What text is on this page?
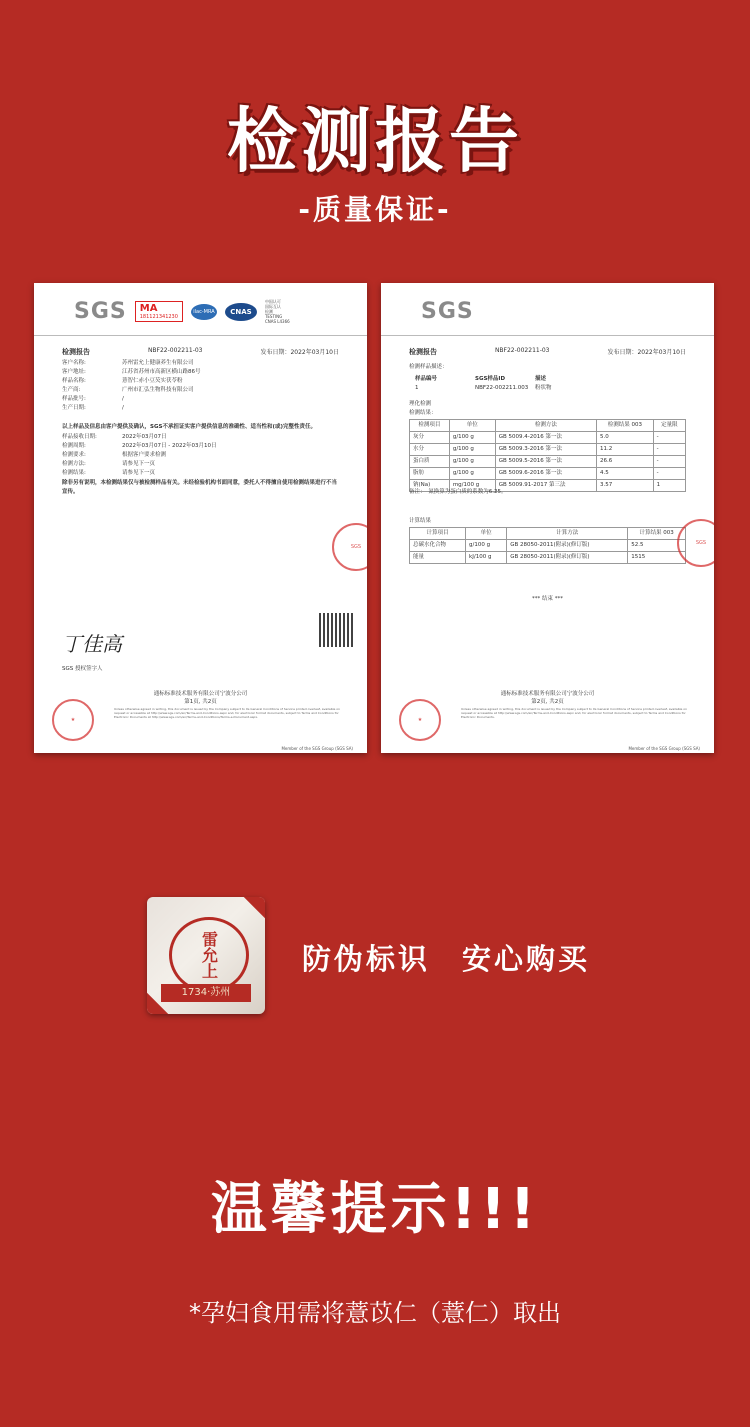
检测报告
-质量保证-
SGS	MA
181121341230
ilac-MRA	CNAS
中国认可
国际互认
检测
TESTING
CNAS L4366
检测报告	NBF22-002211-03	发布日期：2022年03月10日
客户名称:	苏州雷允上健康养生有限公司
客户地址:	江苏省苏州市高新区横山路86号
样品名称:	薏智仁赤小豆芡实茯苓粉
生产商:	广州市汇弘生物科技有限公司
样品批号:	/
生产日期:	/
以上样品及信息由客户提供及确认，SGS不承担证实客户提供信息的准确性、适当性和(或)完整性责任。
样品接收日期:	2022年03月07日
检测周期:	2022年03月07日 - 2022年03月10日
检测要求:	根据客户要求检测
检测方法:	请参见下一页
检测结果:	请参见下一页
除非另有说明，本检测结果仅与被检测样品有关。未经检验机构书面同意，委托人不得擅自使用检测结果进行不当宣传。
SGS
丁佳高
SGS 授权签字人
通标标准技术服务有限公司宁波分公司
第1页, 共2页
★
Unless otherwise agreed in writing, this document is issued by the Company subject to its General Conditions of Service printed overleaf, available on request or accessible at http://www.sgs.com/en/Terms-and-Conditions.aspx and, for electronic format documents, subject to Terms and Conditions for Electronic Documents at http://www.sgs.com/en/Terms-and-Conditions/Terms-e-Document.aspx.
Member of the SGS Group (SGS SA)
SGS
检测报告	NBF22-002211-03	发布日期：2022年03月10日
检测样品描述：
样品编号	SGS样品ID	描述
1	NBF22-002211.003	粉状物
理化检测
检测结果：
检测项目	单位	检测方法	检测结果 003	定量限
灰分	g/100 g	GB 5009.4-2016 第一法	5.0	-
水分	g/100 g	GB 5009.3-2016 第一法	11.2	-
蛋白质	g/100 g	GB 5009.5-2016 第一法	26.6	-
脂肪	g/100 g	GB 5009.6-2016 第一法	4.5	-
钠(Na)	mg/100 g	GB 5009.91-2017 第三法	3.57	1
备注：　氮换算为蛋白质的系数为6.25。
计算结果
计算项目	单位	计算方法	计算结果 003
总碳水化合物	g/100 g	GB 28050-2011(附录)(修订版)	52.5
能量	kJ/100 g	GB 28050-2011(附录)(修订版)	1515
*** 结束 ***
SGS
通标标准技术服务有限公司宁波分公司
第2页, 共2页
★
Unless otherwise agreed in writing, this document is issued by the Company subject to its General Conditions of Service printed overleaf, available on request or accessible at http://www.sgs.com/en/Terms-and-Conditions.aspx and, for electronic format documents, subject to Terms and Conditions for Electronic Documents.
Member of the SGS Group (SGS SA)
雷允上
1734·苏州
防伪标识　安心购买
温馨提示!!!
*孕妇食用需将薏苡仁（薏仁）取出
